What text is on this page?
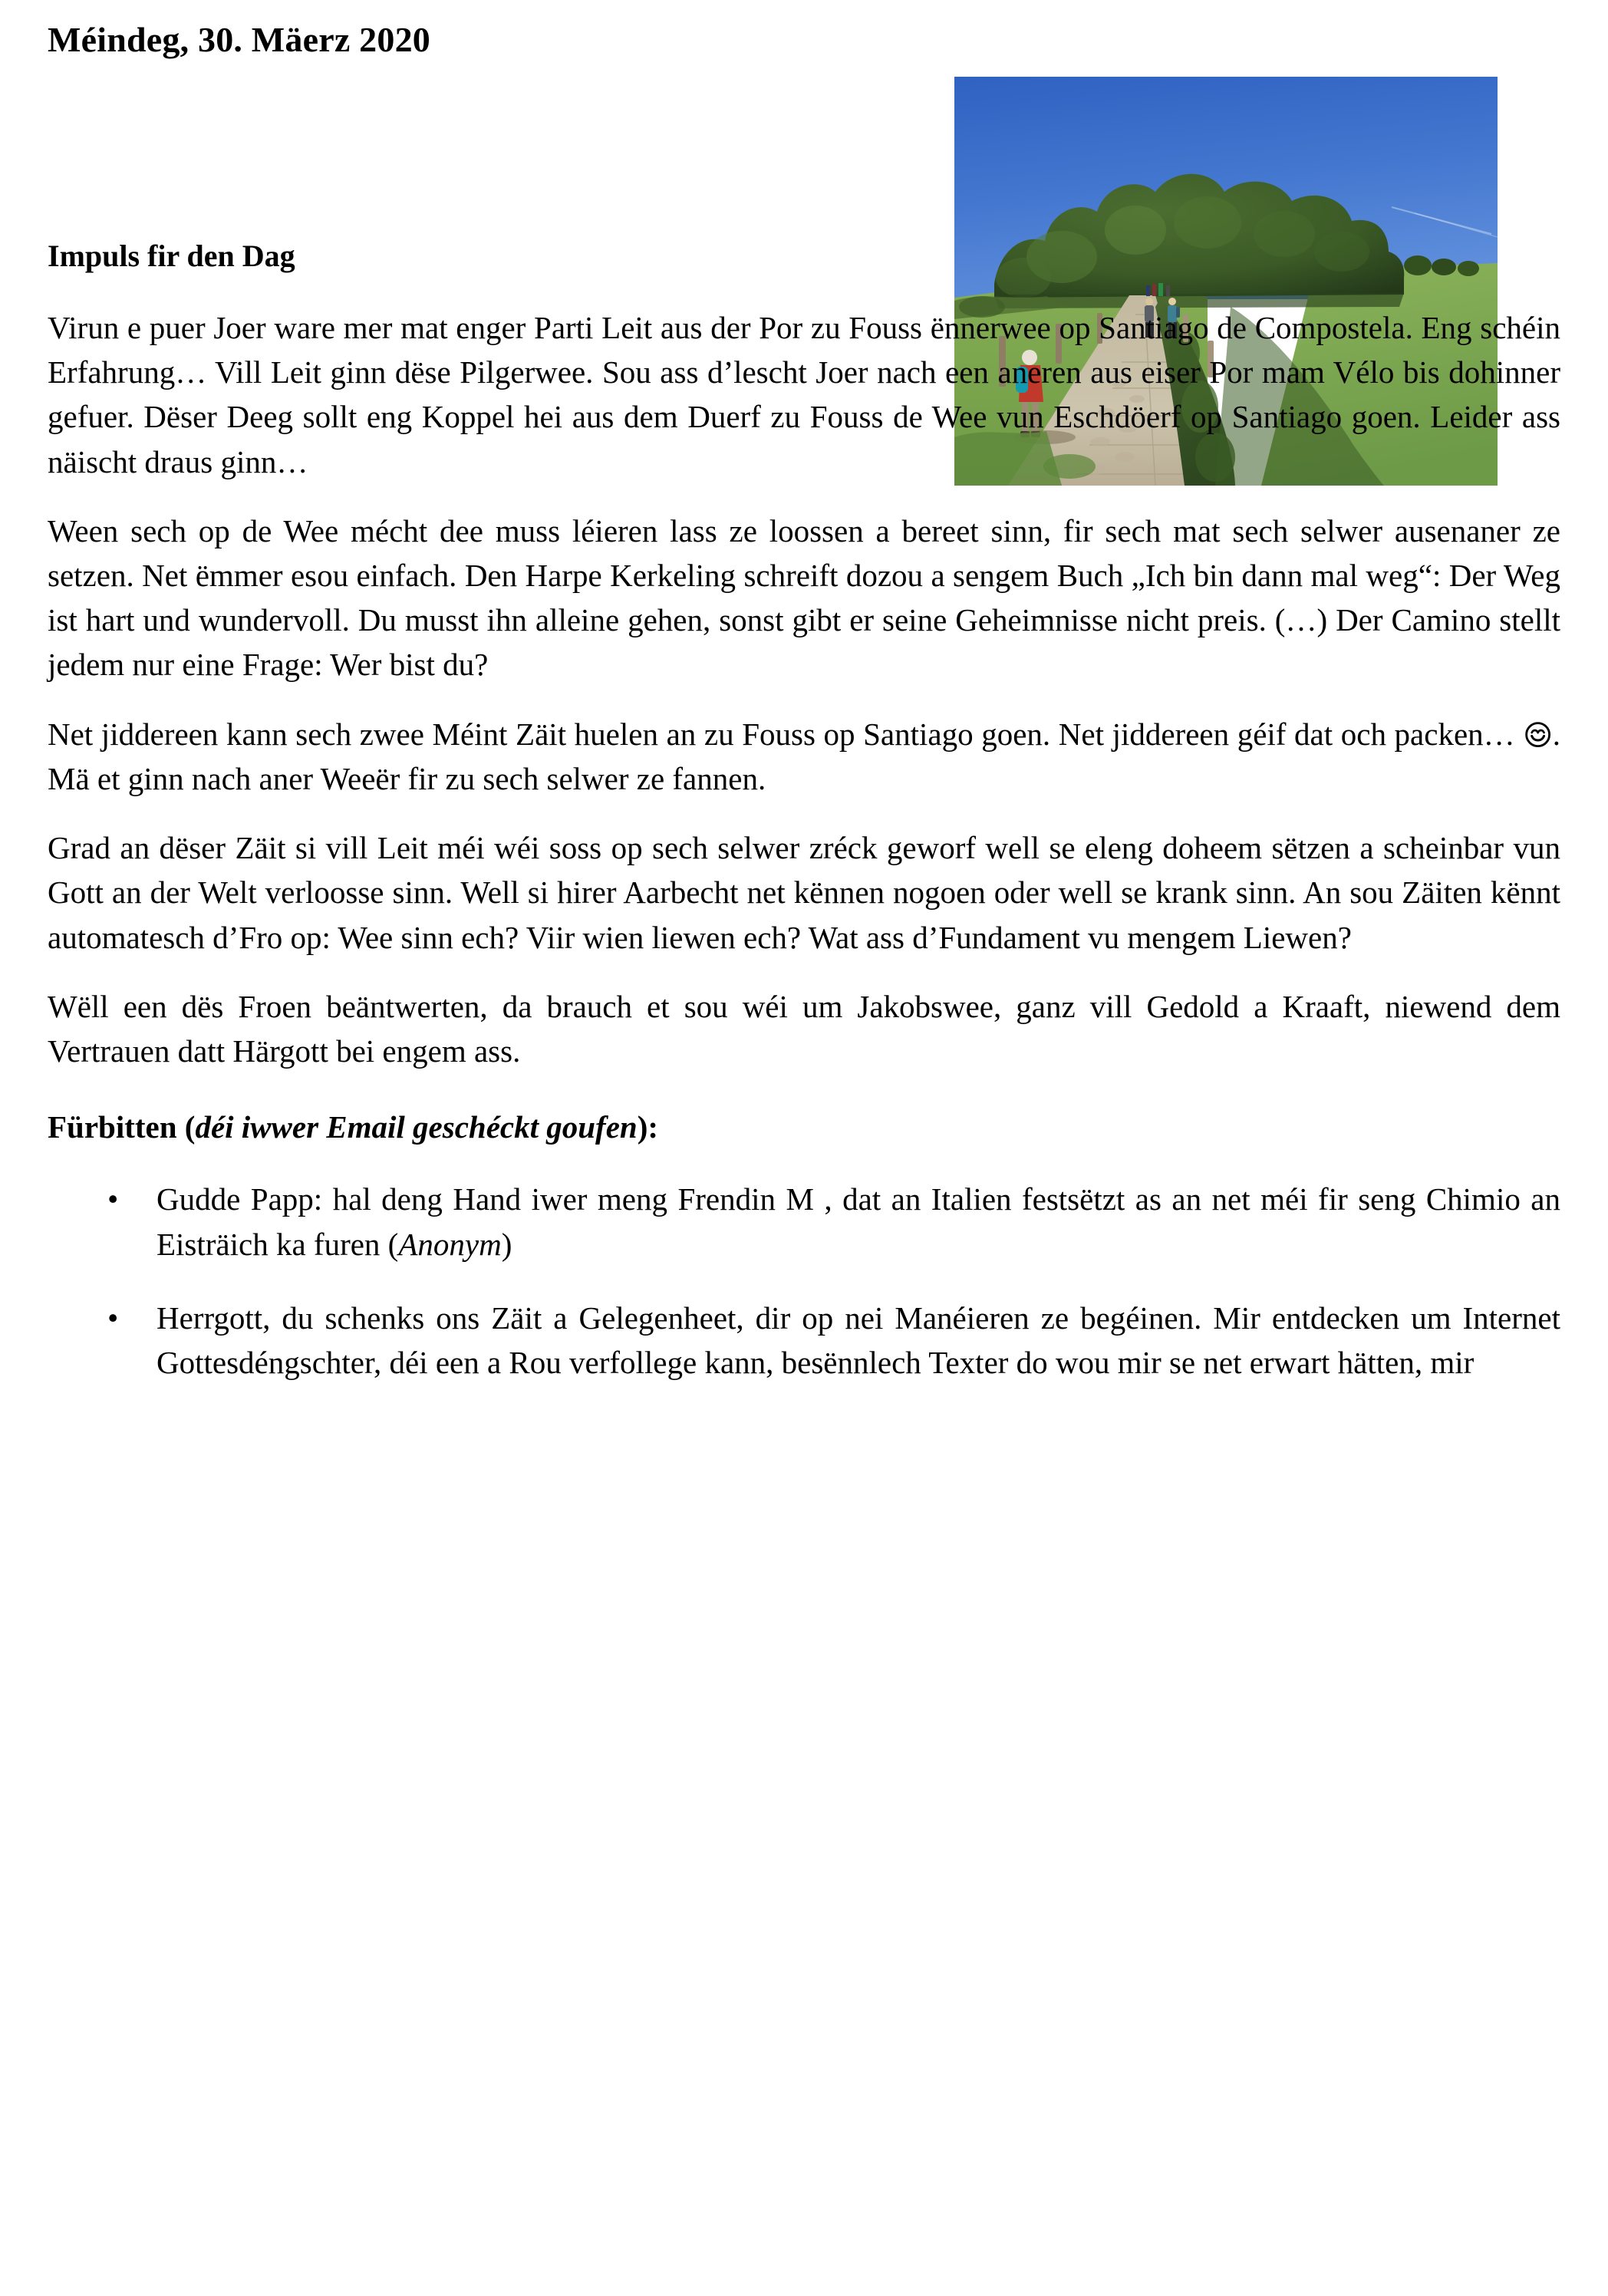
Méindeg, 30. Mäerz 2020
Impuls fir den Dag

Virun e puer Joer ware mer mat enger Parti Leit aus der Por zu Fouss ënnerwee op Santiago de Compostela. Eng schéin Erfahrung… Vill Leit ginn dëse Pilgerwee. Sou ass d’lescht Joer nach een aneren aus eiser Por mam Vélo bis dohinner gefuer. Dëser Deeg sollt eng Koppel hei aus dem Duerf zu Fouss de Wee vun Eschdöerf op Santiago goen. Leider ass näischt draus ginn…

Ween sech op de Wee mécht dee muss léieren lass ze loossen a bereet sinn, fir sech mat sech selwer ausenaner ze setzen. Net ëmmer esou einfach. Den Harpe Kerkeling schreift dozou a sengem Buch „Ich bin dann mal weg“: Der Weg ist hart und wundervoll. Du musst ihn alleine gehen, sonst gibt er seine Geheimnisse nicht preis. (…) Der Camino stellt jedem nur eine Frage: Wer bist du?

Net jiddereen kann sech zwee Méint Zäit huelen an zu Fouss op Santiago goen. Net jiddereen géif dat och packen… . Mä et ginn nach aner Weeër fir zu sech selwer ze fannen.

Grad an dëser Zäit si vill Leit méi wéi soss op sech selwer zréck geworf well se eleng doheem sëtzen a scheinbar vun Gott an der Welt verloosse sinn. Well si hirer Aarbecht net kënnen nogoen oder well se krank sinn. An sou Zäiten kënnt automatesch d’Fro op: Wee sinn ech? Viir wien liewen ech? Wat ass d’Fundament vu mengem Liewen?

Wëll een dës Froen beäntwerten, da brauch et sou wéi um Jakobswee, ganz vill Gedold a Kraaft, niewend dem Vertrauen datt Härgott bei engem ass.

Fürbitten (déi iwwer Email geschéckt goufen):
• Gudde Papp: hal deng Hand iwer meng Frendin M , dat an Italien festsëtzt as an net méi fir seng Chimio an Eisträich ka furen (Anonym)
• Herrgott, du schenks ons Zäit a Gelegenheet, dir op nei Manéieren ze begéinen. Mir entdecken um Internet Gottesdéngschter, déi een a Rou verfollege kann, besënnlech Texter do wou mir se net erwart hätten, mir
